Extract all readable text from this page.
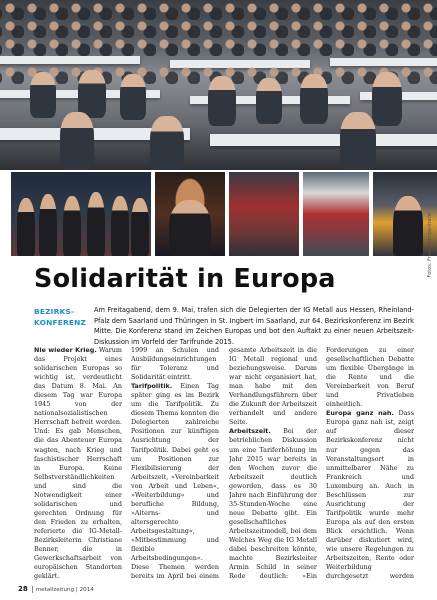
Fotos: Frank Rumpenhorst
Solidarität in Europa
BEZIRKS-
KONFERENZ

Am Freitagabend, dem 9. Mai, trafen sich die Delegierten der IG Metall aus Hessen, Rheinland-Pfalz dem Saarland und Thüringen in St. Ingbert im Saarland, zur 64. Bezirkskonferenz im Bezirk Mitte. Die Konferenz stand im Zeichen Europas und bot den Auftakt zu einer neuen Arbeitszeit-Diskussion im Vorfeld der Tarifrunde 2015.

Nie wieder Krieg. Warum das Projekt eines solidarischen Europas so wichtig ist, verdeutlicht das Datum 8. Mai. An diesem Tag war Europa 1945 von der nationalsozialistischen Herrschaft befreit worden. Und: Es gab Menschen, die das Abenteuer Europa wagten, nach Krieg und faschistischer Herrschaft in Europa. Keine Selbstverständlichkeiten und sind die Notwendigkeit einer solidarischen und gerechten Ordnung für den Frieden zu erhalten, referierte die IG-Metall-Bezirksleiterin Christiane Benner, die in Gewerkschaftsarbeit von europäischen Standorten geklärt.

1999 an Schulen und Ausbildungseinrichtungen für Toleranz und Solidarität eintritt.

Tarifpolitik. Einen Tag später ging es im Bezirk um die Tarifpolitik. Zu diesem Thema konnten die Delegierten zahlreiche Positionen zur künftigen Ausrichtung der Tarifpolitik. Dabei geht es um Positionen zur Flexibilisierung der Arbeitszeit, »Vereinbarkeit von Arbeit und Leben«, »Weiterbildung« und berufliche Bildung, »Alterns- und altersgerechte Arbeitsgestaltung«, »Mitbestimmung und flexible Arbeitsbedingungen«. Diese Themen werden bereits im April bei einem

gesamte Arbeitszeit in die IG Metall regional und beziehungsweise. Darum war nicht organisiert hat, man habe mit den Verhandlungsführern über die Zukunft der Arbeitszeit verhandelt und andere Seite.

Arbeitszeit. Bei der betrieblichen Diskussion um eine Tariferhöhung im Jahr 2015 war bereits in den Wochen zuvor die Arbeitszeit deutlich geworden, dass es 30 Jahre nach Einführung der 35-Stunden-Woche eine neue Debatte gibt. Ein gesellschaftliches Arbeitszeitmodell, bei dem Welches Weg die IG Metall dabei beschreiten könnte, machte Bezirksleiter Armin Schild in seiner Rede deutlich: »Ein

Forderungen zu einer gesellschaftlichen Debatte um flexible Übergänge in die Rente und die Vereinbarkeit von Beruf und Privatleben einheitlich.

Europa ganz nah. Dass Europa ganz nah ist, zeigt auf dieser Bezirkskonferenz nicht nur gegen das Veranstaltungsort in unmittelbarer Nähe zu Frankreich und Luxemburg an. Auch in Beschlüssen zur Ausrichtung der Tarifpolitik wurde mehr Europa als auf den ersten Blick ersichtlich. Wenn darüber diskutiert wird, wie unsere Regelungen zu Arbeitszeiten, Rente oder Weiterbildung durchgesetzt werden

28 metallzeitung | 2014
